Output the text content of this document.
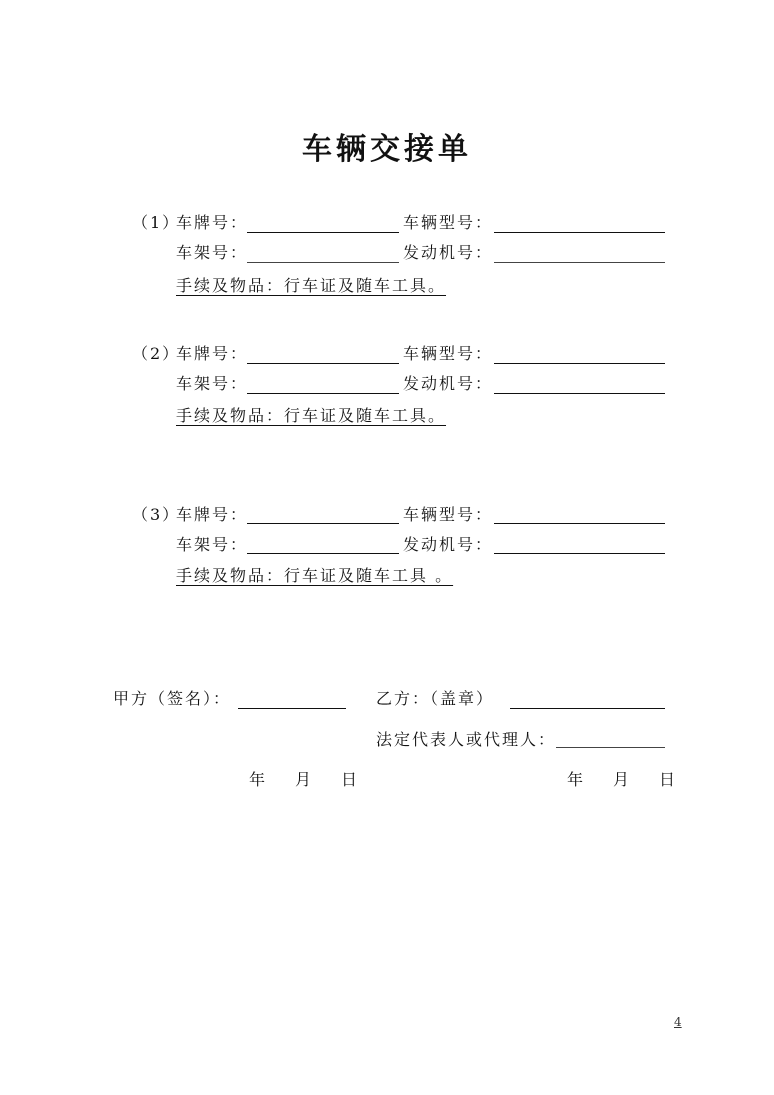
车辆交接单
（1）
车牌号：	车辆型号：
车架号：	发动机号：
手续及物品：行车证及随车工具。
（2）
车牌号：	车辆型号：
车架号：	发动机号：
手续及物品：行车证及随车工具。
（3）
车牌号：	车辆型号：
车架号：	发动机号：
手续及物品：行车证及随车工具 。
甲方（签名）：	乙方：（盖章）
法定代表人或代理人：
年 月 日	年 月 日
4
